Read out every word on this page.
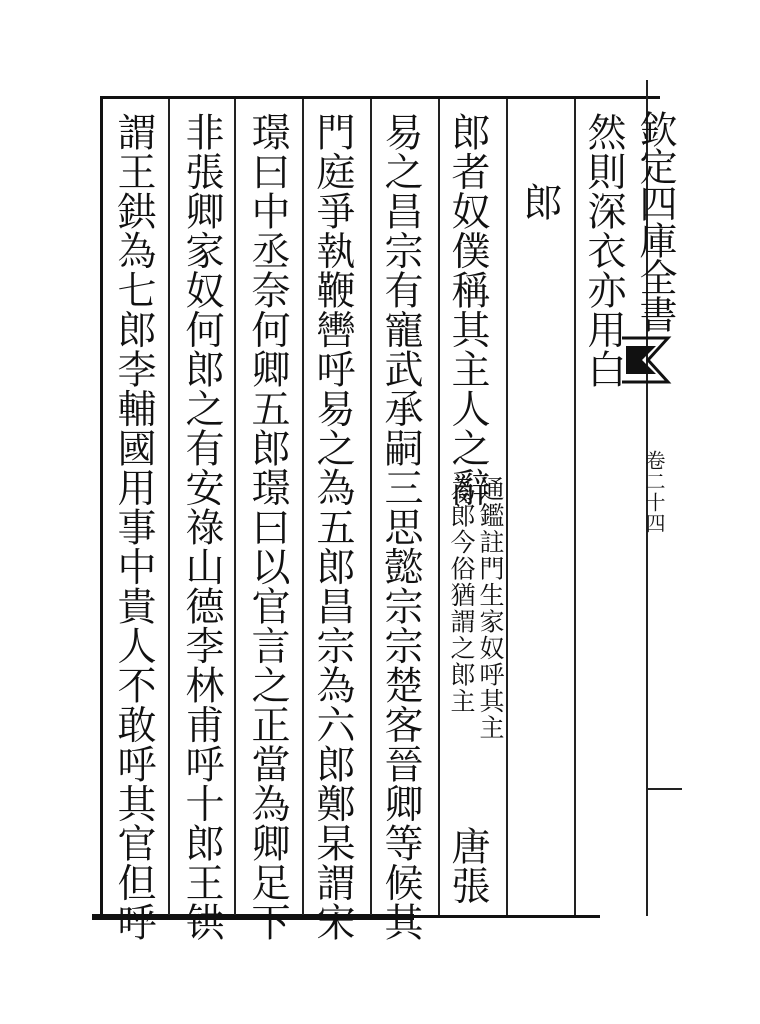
欽定四庫全書
卷二十四
然則深衣亦用白
郎
郎者奴僕稱其主人之辭
通鑑註門生家奴呼其主
為郎今俗猶謂之郎主
唐張
易之昌宗有寵武承嗣三思懿宗宗楚客晉卿等候其
門庭爭執鞭轡呼易之為五郎昌宗為六郎鄭杲謂宋
璟曰中丞奈何卿五郎璟曰以官言之正當為卿足下
非張卿家奴何郎之有安祿山德李林甫呼十郎王𫟹
謂王鉷為七郎李輔國用事中貴人不敢呼其官但呼
